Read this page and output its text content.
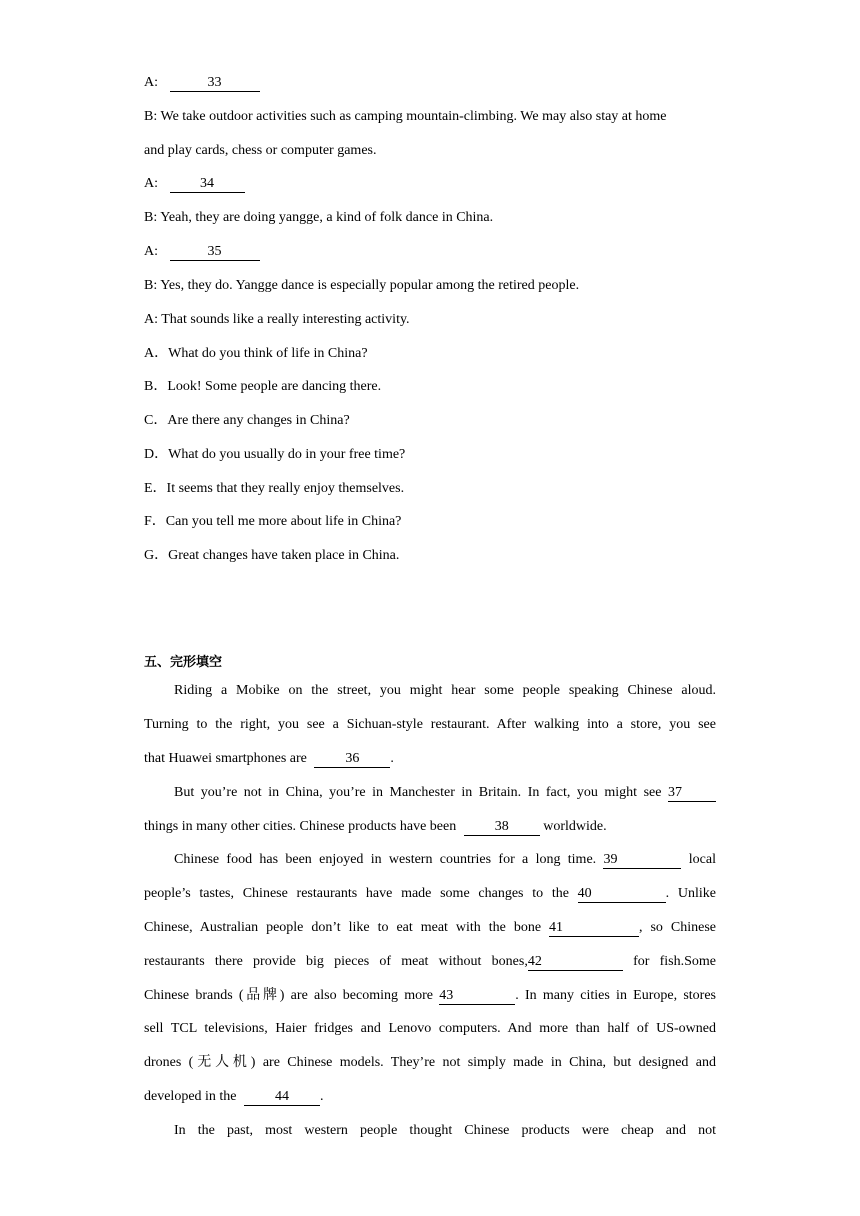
A:	33

B: We take outdoor activities such as camping mountain-climbing. We may also stay at home

and play cards, chess or computer games.

A:	34

B: Yeah, they are doing yangge, a kind of folk dance in China.

A:	35

B: Yes, they do. Yangge dance is especially popular among the retired people.

A: That sounds like a really interesting activity.

A．What do you think of life in China?

B．Look! Some people are dancing there.

C．Are there any changes in China?

D．What do you usually do in your free time?

E．It seems that they really enjoy themselves.

F．Can you tell me more about life in China?

G．Great changes have taken place in China.

五、完形填空

Riding a Mobike on the street, you might hear some people speaking Chinese aloud.

Turning to the right, you see a Sichuan-style restaurant. After walking into a store, you see

that Huawei smartphones are	36 .

But you’re not in China, you’re in Manchester in Britain. In fact, you might see 37

things in many other cities. Chinese products have been	38 worldwide.

Chinese food has been enjoyed in western countries for a long time. 39	local

people’s tastes, Chinese restaurants have made some changes to the 40	. Unlike

Chinese, Australian people don’t like to eat meat with the bone 41	, so Chinese

restaurants there provide big pieces of meat without bones,42	for fish.Some

Chinese brands (品牌) are also becoming more 43	. In many cities in Europe, stores

sell TCL televisions, Haier fridges and Lenovo computers. And more than half of US-owned

drones (无人机) are Chinese models. They’re not simply made in China, but designed and

developed in the	44 .

In the past, most western people thought Chinese products were cheap and not
